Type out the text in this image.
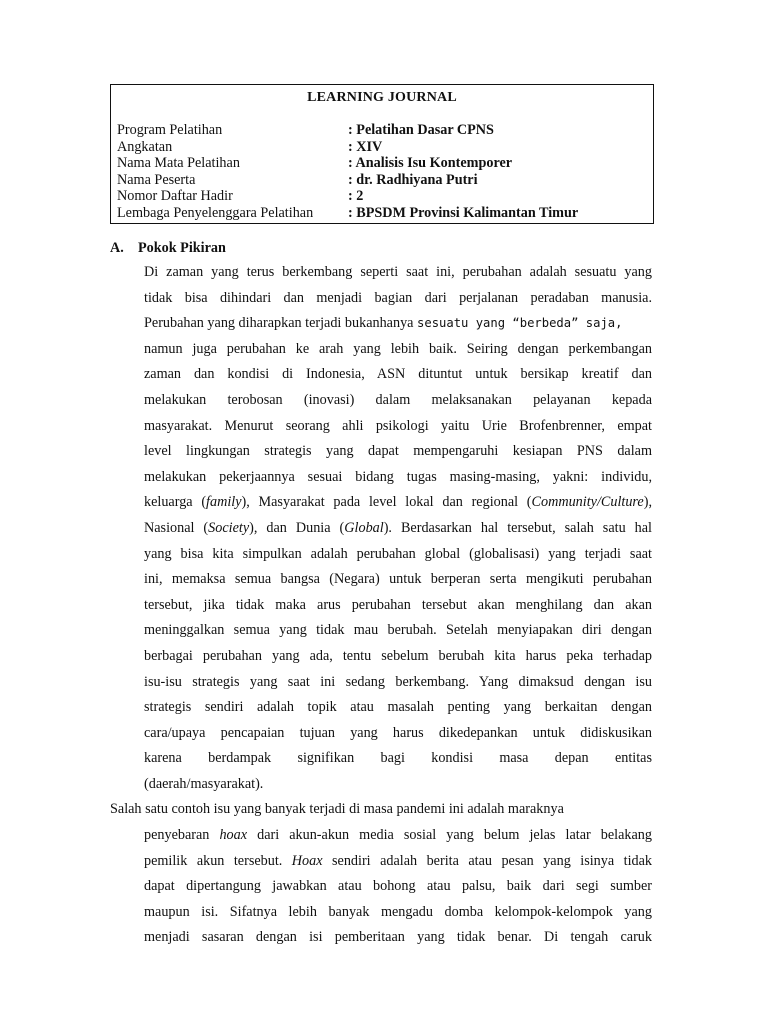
LEARNING JOURNAL
Program Pelatihan	: Pelatihan Dasar CPNS
Angkatan	: XIV
Nama Mata Pelatihan	: Analisis Isu Kontemporer
Nama Peserta	: dr. Radhiyana Putri
Nomor Daftar Hadir	: 2
Lembaga Penyelenggara Pelatihan	: BPSDM Provinsi Kalimantan Timur
A. Pokok Pikiran
Di zaman yang terus berkembang seperti saat ini, perubahan adalah sesuatu yang
tidak bisa dihindari dan menjadi bagian dari perjalanan peradaban manusia.
Perubahan yang diharapkan terjadi bukanhanya sesuatu yang “berbeda” saja,
namun juga perubahan ke arah yang lebih baik. Seiring dengan perkembangan
zaman dan kondisi di Indonesia, ASN dituntut untuk bersikap kreatif dan
melakukan terobosan (inovasi) dalam melaksanakan pelayanan kepada
masyarakat. Menurut seorang ahli psikologi yaitu Urie Brofenbrenner, empat
level lingkungan strategis yang dapat mempengaruhi kesiapan PNS dalam
melakukan pekerjaannya sesuai bidang tugas masing-masing, yakni: individu,
keluarga (family), Masyarakat pada level lokal dan regional (Community/Culture),
Nasional (Society), dan Dunia (Global). Berdasarkan hal tersebut, salah satu hal
yang bisa kita simpulkan adalah perubahan global (globalisasi) yang terjadi saat
ini, memaksa semua bangsa (Negara) untuk berperan serta mengikuti perubahan
tersebut, jika tidak maka arus perubahan tersebut akan menghilang dan akan
meninggalkan semua yang tidak mau berubah. Setelah menyiapakan diri dengan
berbagai perubahan yang ada, tentu sebelum berubah kita harus peka terhadap
isu-isu strategis yang saat ini sedang berkembang. Yang dimaksud dengan isu
strategis sendiri adalah topik atau masalah penting yang berkaitan dengan
cara/upaya pencapaian tujuan yang harus dikedepankan untuk didiskusikan
karena berdampak signifikan bagi kondisi masa depan entitas
(daerah/masyarakat).
Salah satu contoh isu yang banyak terjadi di masa pandemi ini adalah maraknya
penyebaran hoax dari akun-akun media sosial yang belum jelas latar belakang
pemilik akun tersebut. Hoax sendiri adalah berita atau pesan yang isinya tidak
dapat dipertangung jawabkan atau bohong atau palsu, baik dari segi sumber
maupun isi. Sifatnya lebih banyak mengadu domba kelompok-kelompok yang
menjadi sasaran dengan isi pemberitaan yang tidak benar. Di tengah caruk
